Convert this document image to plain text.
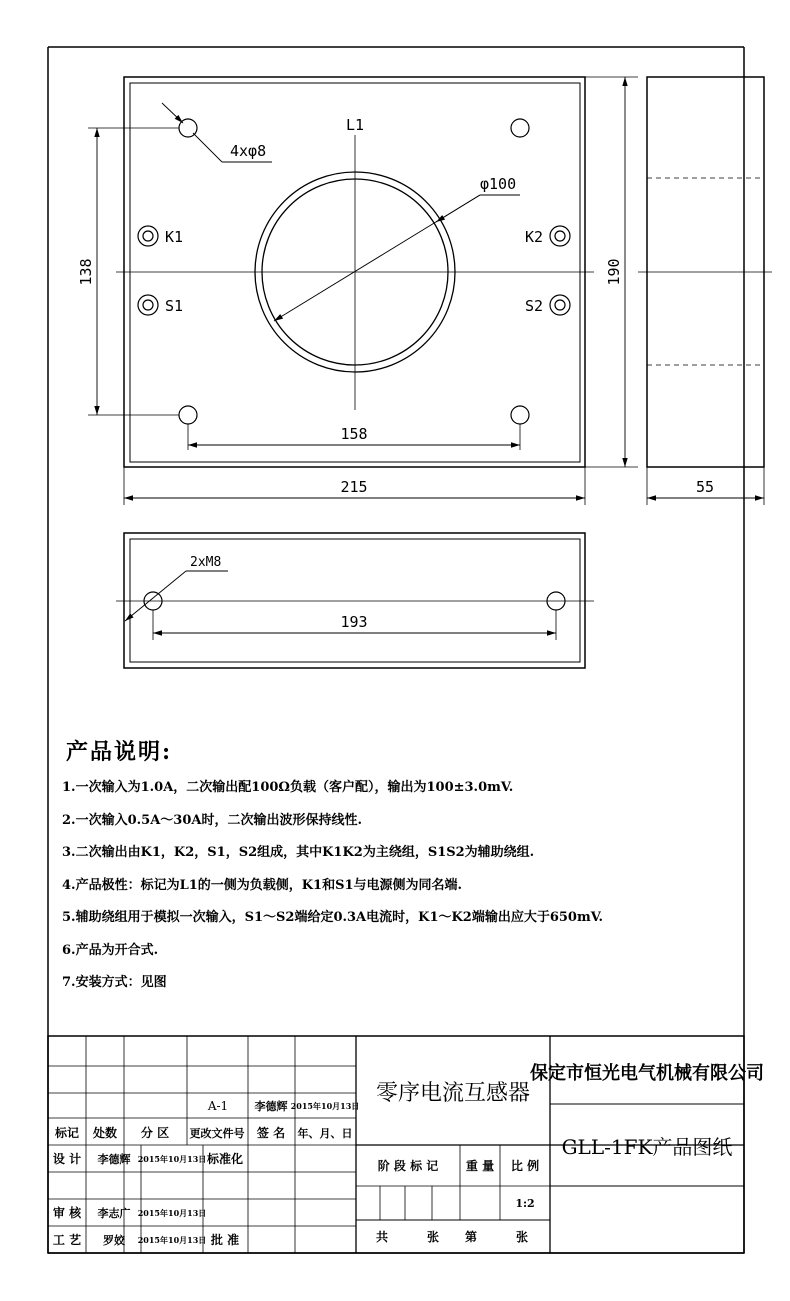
L1
4xφ8
φ100
K1	K2
S1	S2
158
215
138	190
55
2xM8
193
A-1 李德辉 2015年10月13日
标记 处数 分 区 更改文件号 签 名 年、月、日
设 计 李德辉 2015年10月13日 标准化
审 核 李志广 2015年10月13日
工 艺 罗姣 2015年10月13日 批 准
零序电流互感器
保定市恒光电气机械有限公司
GLL-1FK产品图纸
阶 段 标 记 重 量 比 例
1:2
共	张 第	张
产品说明:
1.一次输入为1.0A，二次输出配100Ω负载（客户配），输出为100±3.0mV.
2.一次输入0.5A～30A时，二次输出波形保持线性.
3.二次输出由K1，K2，S1，S2组成，其中K1K2为主绕组，S1S2为辅助绕组.
4.产品极性：标记为L1的一侧为负载侧，K1和S1与电源侧为同名端.
5.辅助绕组用于模拟一次输入，S1～S2端给定0.3A电流时，K1～K2端输出应大于650mV.
6.产品为开合式.
7.安装方式：见图
